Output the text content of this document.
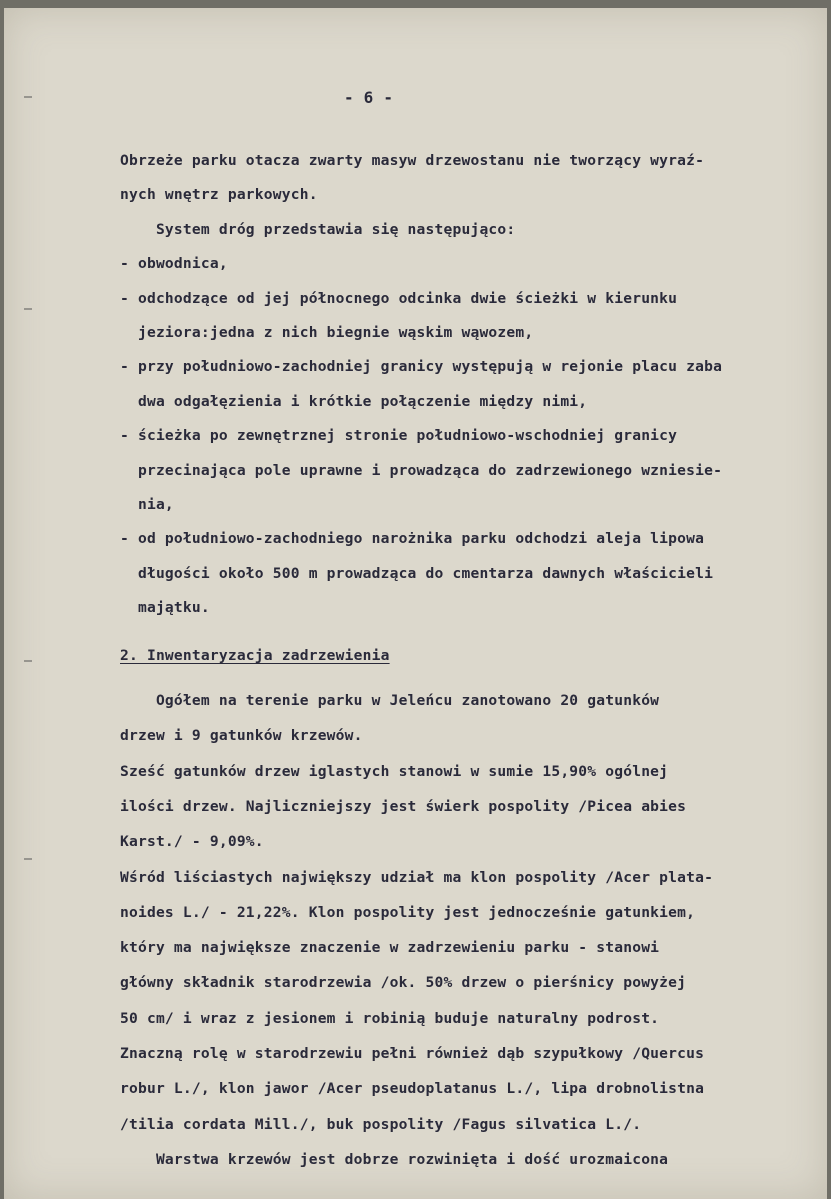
- 6 -
Obrzeże parku otacza zwarty masyw drzewostanu nie tworzący wyraź-
nych wnętrz parkowych.
System dróg przedstawia się następująco:
- obwodnica,
- odchodzące od jej północnego odcinka dwie ścieżki w kierunku
jeziora:jedna z nich biegnie wąskim wąwozem,
- przy południowo-zachodniej granicy występują w rejonie placu zaba
dwa odgałęzienia i krótkie połączenie między nimi,
- ścieżka po zewnętrznej stronie południowo-wschodniej granicy
przecinająca pole uprawne i prowadząca do zadrzewionego wzniesie-
nia,
- od południowo-zachodniego narożnika parku odchodzi aleja lipowa
długości około 500 m prowadząca do cmentarza dawnych właścicieli
majątku.
2. Inwentaryzacja zadrzewienia
Ogółem na terenie parku w Jeleńcu zanotowano 20 gatunków
drzew i 9 gatunków krzewów.
Sześć gatunków drzew iglastych stanowi w sumie 15,90% ogólnej
ilości drzew. Najliczniejszy jest świerk pospolity /Picea abies
Karst./ - 9,09%.
Wśród liściastych największy udział ma klon pospolity /Acer plata-
noides L./ - 21,22%. Klon pospolity jest jednocześnie gatunkiem,
który ma największe znaczenie w zadrzewieniu parku - stanowi
główny składnik starodrzewia /ok. 50% drzew o pierśnicy powyżej
50 cm/ i wraz z jesionem i robinią buduje naturalny podrost.
Znaczną rolę w starodrzewiu pełni również dąb szypułkowy /Quercus
robur L./, klon jawor /Acer pseudoplatanus L./, lipa drobnolistna
/tilia cordata Mill./, buk pospolity /Fagus silvatica L./.
Warstwa krzewów jest dobrze rozwinięta i dość urozmaicona
